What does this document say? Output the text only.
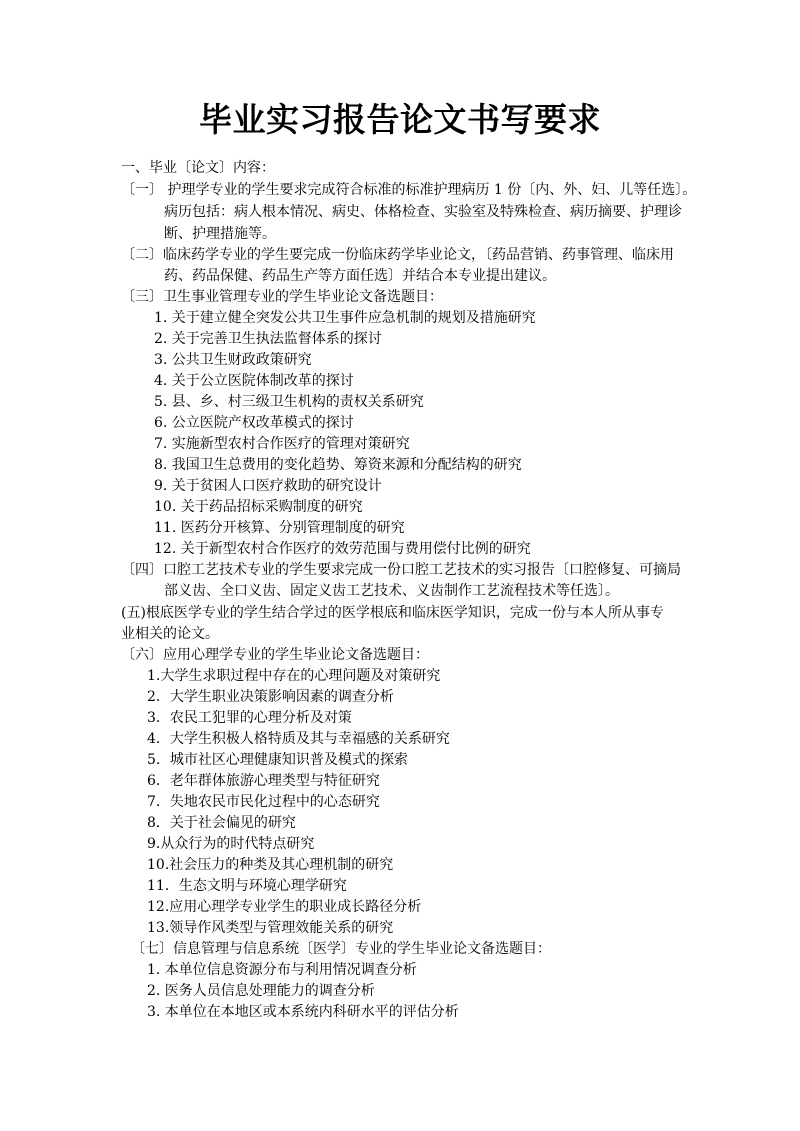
毕业实习报告论文书写要求
一、毕业〔论文〕内容：
〔一〕 护理学专业的学生要求完成符合标准的标准护理病历 1 份〔内、外、妇、儿等任选〕。
病历包括：病人根本情况、病史、体格检查、实验室及特殊检查、病历摘要、护理诊
断、护理措施等。
〔二〕临床药学专业的学生要完成一份临床药学毕业论文，〔药品营销、药事管理、临床用
药、药品保健、药品生产等方面任选〕并结合本专业提出建议。
〔三〕卫生事业管理专业的学生毕业论文备选题目：
1. 关于建立健全突发公共卫生事件应急机制的规划及措施研究
2. 关于完善卫生执法监督体系的探讨
3. 公共卫生财政政策研究
4. 关于公立医院体制改革的探讨
5. 县、乡、村三级卫生机构的责权关系研究
6. 公立医院产权改革模式的探讨
7. 实施新型农村合作医疗的管理对策研究
8. 我国卫生总费用的变化趋势、筹资来源和分配结构的研究
9. 关于贫困人口医疗救助的研究设计
10. 关于药品招标采购制度的研究
11. 医药分开核算、分别管理制度的研究
12. 关于新型农村合作医疗的效劳范围与费用偿付比例的研究
〔四〕口腔工艺技术专业的学生要求完成一份口腔工艺技术的实习报告〔口腔修复、可摘局
部义齿、全口义齿、固定义齿工艺技术、义齿制作工艺流程技术等任选〕。
(五)根底医学专业的学生结合学过的医学根底和临床医学知识，完成一份与本人所从事专
业相关的论文。
〔六〕应用心理学专业的学生毕业论文备选题目：
1.大学生求职过程中存在的心理问题及对策研究
2．大学生职业决策影响因素的调查分析
3．农民工犯罪的心理分析及对策
4．大学生积极人格特质及其与幸福感的关系研究
5．城市社区心理健康知识普及模式的探索
6．老年群体旅游心理类型与特征研究
7．失地农民市民化过程中的心态研究
8．关于社会偏见的研究
9.从众行为的时代特点研究
10.社会压力的种类及其心理机制的研究
11．生态文明与环境心理学研究
12.应用心理学专业学生的职业成长路径分析
13.领导作风类型与管理效能关系的研究
〔七〕信息管理与信息系统〔医学〕专业的学生毕业论文备选题目：
1. 本单位信息资源分布与利用情况调查分析
2. 医务人员信息处理能力的调查分析
3. 本单位在本地区或本系统内科研水平的评估分析
